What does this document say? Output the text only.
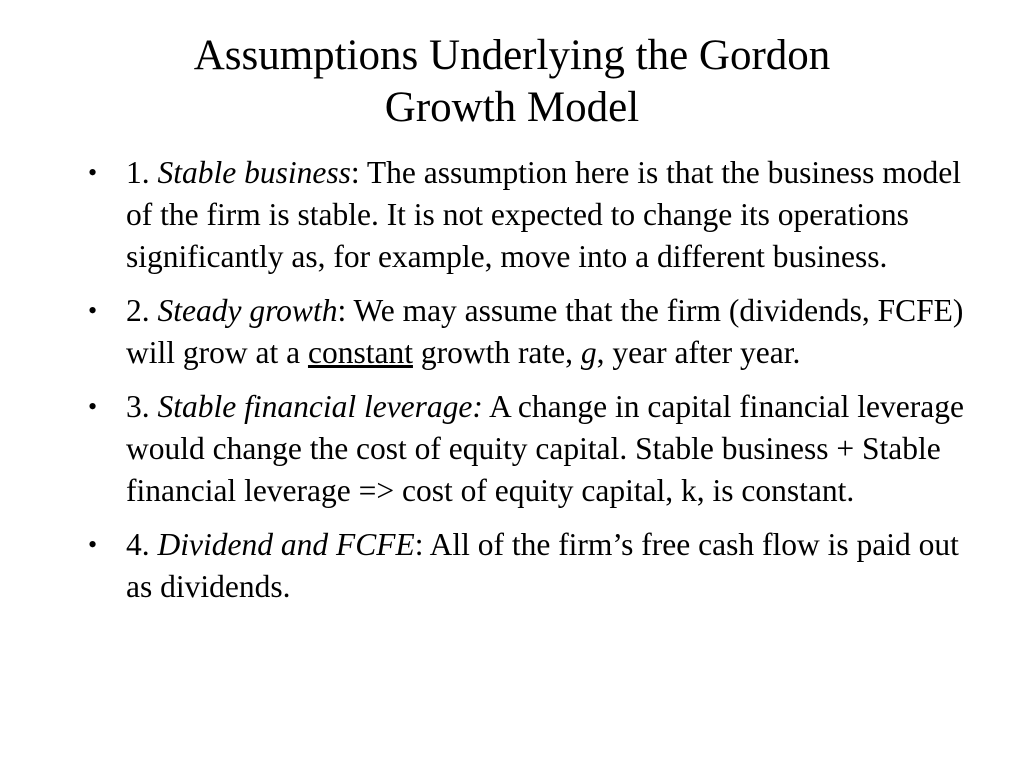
Assumptions Underlying the Gordon
Growth Model
• 1. Stable business: The assumption here is that the business model of the firm is stable. It is not expected to change its operations significantly as, for example, move into a different business.
• 2. Steady growth: We may assume that the firm (dividends, FCFE) will grow at a constant growth rate, g, year after year.
• 3. Stable financial leverage: A change in capital financial leverage would change the cost of equity capital. Stable business + Stable financial leverage => cost of equity capital, k, is constant.
• 4. Dividend and FCFE: All of the firm’s free cash flow is paid out as dividends.
